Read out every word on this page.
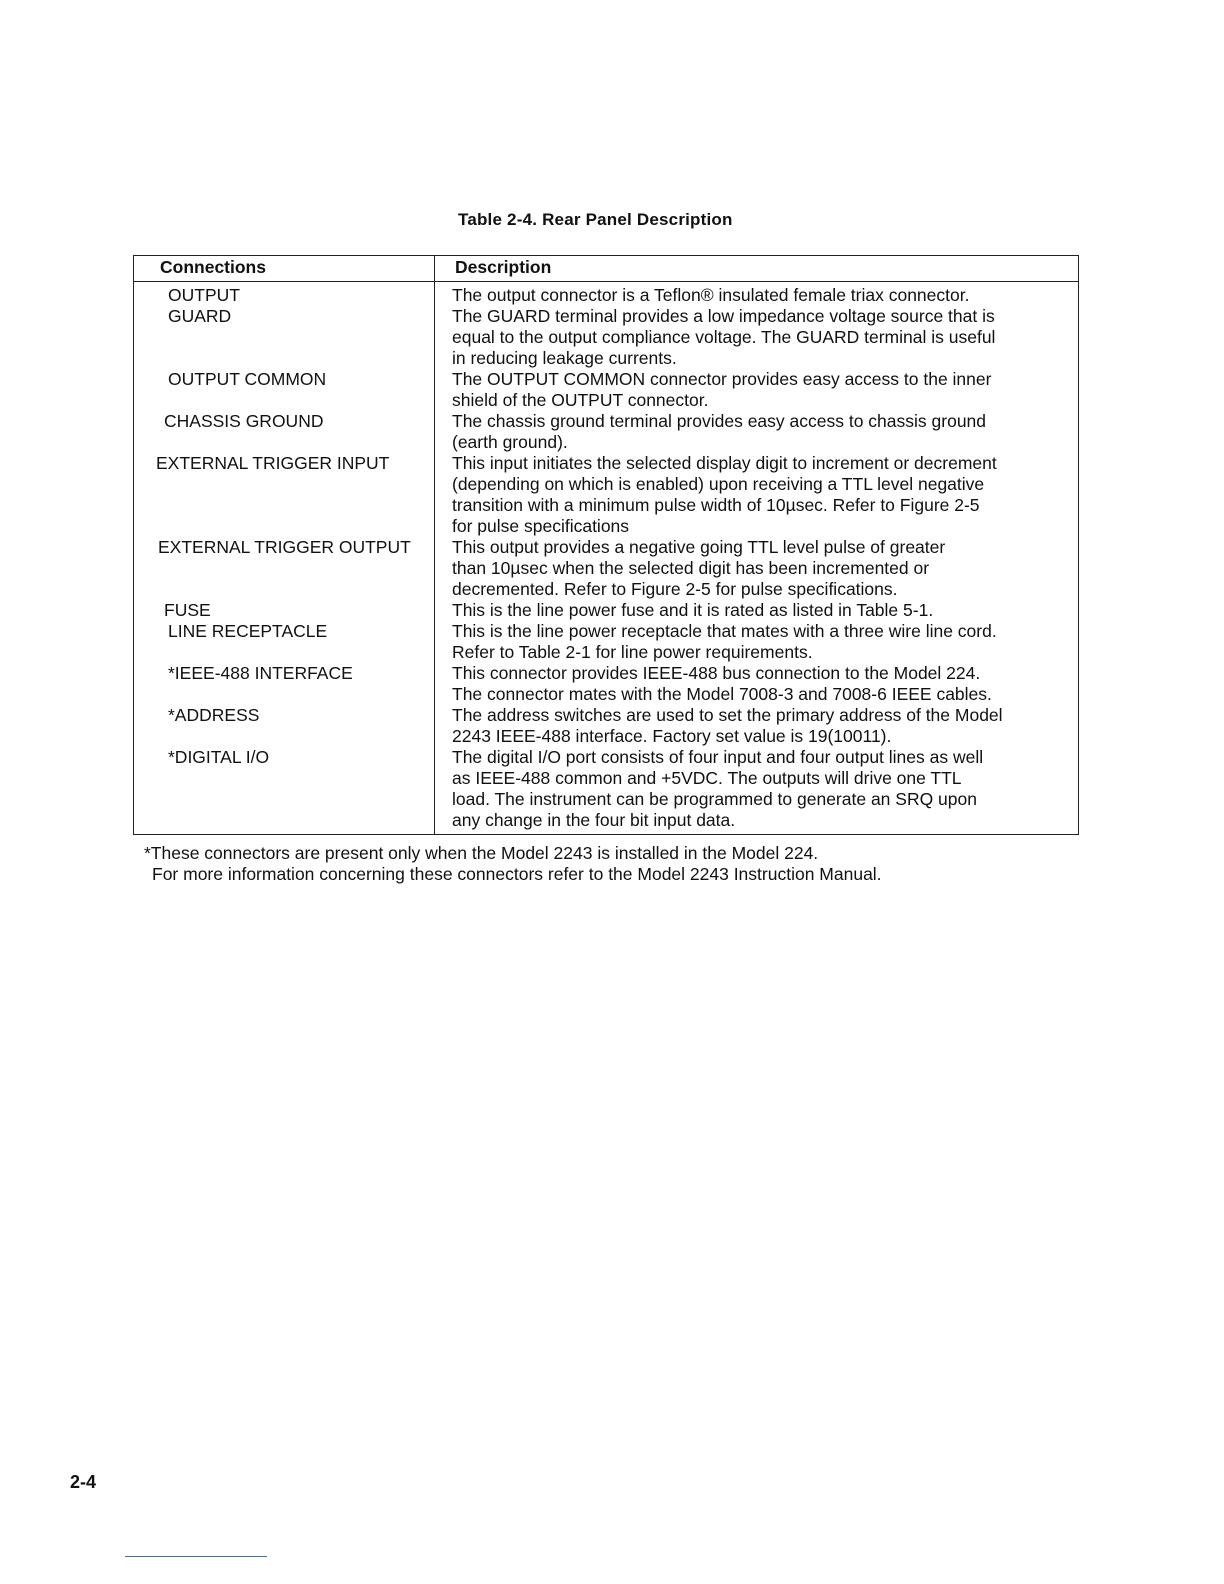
Table 2-4. Rear Panel Description
Connections	Description
OUTPUT	The output connector is a Teflon® insulated female triax connector.
GUARD	The GUARD terminal provides a low impedance voltage source that is
equal to the output compliance voltage. The GUARD terminal is useful
in reducing leakage currents.
OUTPUT COMMON	The OUTPUT COMMON connector provides easy access to the inner
shield of the OUTPUT connector.
CHASSIS GROUND	The chassis ground terminal provides easy access to chassis ground
(earth ground).
EXTERNAL TRIGGER INPUT	This input initiates the selected display digit to increment or decrement
(depending on which is enabled) upon receiving a TTL level negative
transition with a minimum pulse width of 10µsec. Refer to Figure 2-5
for pulse specifications
EXTERNAL TRIGGER OUTPUT This output provides a negative going TTL level pulse of greater
than 10µsec when the selected digit has been incremented or
decremented. Refer to Figure 2-5 for pulse specifications.
FUSE	This is the line power fuse and it is rated as listed in Table 5-1.
LINE RECEPTACLE	This is the line power receptacle that mates with a three wire line cord.
Refer to Table 2-1 for line power requirements.
*IEEE-488 INTERFACE	This connector provides IEEE-488 bus connection to the Model 224.
The connector mates with the Model 7008-3 and 7008-6 IEEE cables.
*ADDRESS	The address switches are used to set the primary address of the Model
2243 IEEE-488 interface. Factory set value is 19(10011).
*DIGITAL I/O	The digital I/O port consists of four input and four output lines as well
as IEEE-488 common and +5VDC. The outputs will drive one TTL
load. The instrument can be programmed to generate an SRQ upon
any change in the four bit input data.
*These connectors are present only when the Model 2243 is installed in the Model 224.
For more information concerning these connectors refer to the Model 2243 Instruction Manual.
2-4
